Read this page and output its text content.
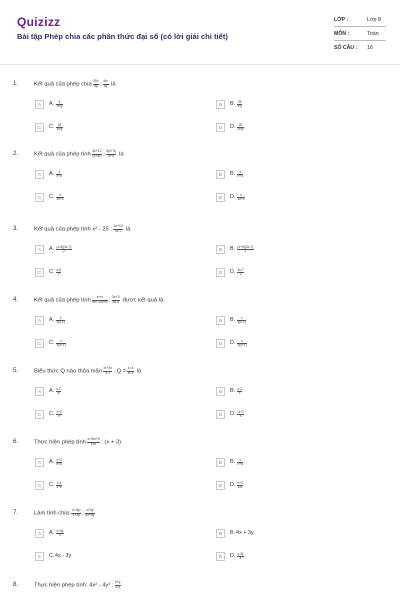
Quizizz
Bài tập Phép chia các phân thức đại số (có lời giải chi tiết)
LỚP :	Lớp 8
MÔN :	Toán
SỐ CÂU : 16
1.	Kết quả của phép chia $\frac{20x}{\text{3y²}}$ : $\frac{\text{4x³}}{5y}$ là
A	A. $\frac{4}{\text{3x²y}}$	B	B. $\frac{25}{\text{x²y}}$
C	C. $\frac{25}{\text{3x²y}}$	D	D. $\frac{20}{\text{3x²y}}$
2.	Kết quả của phép tính $\frac{4x+12}{\text{(x+4)²}}$ : $\frac{3(x+3)}{x+4}$ là
A	A. $\frac{4}{x+4}$	B	B. $\frac{4}{x+4}$
C	C. $\frac{4}{3x+4}$	D	D. $\frac{4}{3x+4}$
3.	Kết quả của phép tính x² - 25 : $\frac{2x+10}{3x-7}$ là
A	A. $\frac{(x-5)(3x-7)}{2}$	B	B. $\frac{(x+5)(3x-7)}{2}$
C	C. $\frac{x-5}{2}$	D	D. $\frac{3x-7}{2}$
4.	Kết quả của phép tính $\frac{\text{x²+x}}{\text{5x²-10x+5}}$ : $\frac{3x+3}{5x-5}$ được kết quả là
A	A. $\frac{x}{3(x-1)}$	B	B. $\frac{x}{3(x-1)}$
C	C. $\frac{x}{3(x+1)}$	D	D. $\frac{x}{3(x+1)}$
5.	Biểu thức Q nào thỏa mãn $\frac{\text{x²+2x}}{x-1}$ . $Q = \frac{\text{x²-4}}{\text{x²-x}}$ là
A	A. $\frac{x-2}{\text{x²}}$	B	B. $\frac{x-2}{x}$
C	C. $\frac{x+2}{x}$	D	D. $\frac{-x+2}{x}$
6.	Thực hiện phép tính $\frac{\text{x²+6x+9}}{x+6}$ : (x + 3).
A	A. $\frac{x+3}{x+6}$	B	B. $\frac{1}{x+6}$
C	C. $\frac{x-3}{x+6}$	D	D. $\frac{x+3}{x-6}$
7.	Làm tính chia: $\frac{\text{x²-9y²}}{x+2y}$ : $\frac{x+3y}{4x+8y}$
A	A. $\frac{x+3y}{4}$	B	B. 4x + 3y
C	C. 4x - 3y	D	D. $\frac{x-3y}{4}$
8.	Thực hiện phép tính: 4x² - 4y² : $\frac{x+y}{x-y}$
